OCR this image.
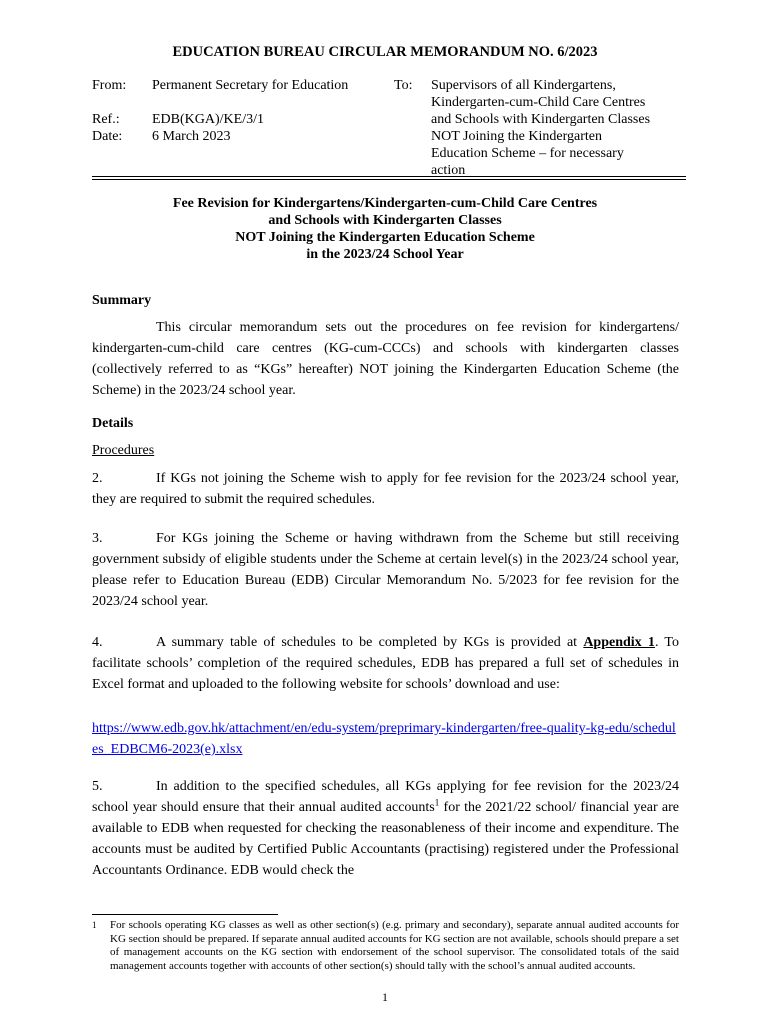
EDUCATION BUREAU CIRCULAR MEMORANDUM NO. 6/2023
From: Permanent Secretary for Education	To: Supervisors of all Kindergartens,
Kindergarten-cum-Child Care Centres
and Schools with Kindergarten Classes
NOT Joining the Kindergarten
Education Scheme – for necessary
action
Ref.: EDB(KGA)/KE/3/1
Date: 6 March 2023
Fee Revision for Kindergartens/Kindergarten-cum-Child Care Centres
and Schools with Kindergarten Classes
NOT Joining the Kindergarten Education Scheme
in the 2023/24 School Year
Summary
This circular memorandum sets out the procedures on fee revision for kindergartens/ kindergarten-cum-child care centres (KG-cum-CCCs) and schools with kindergarten classes (collectively referred to as “KGs” hereafter) NOT joining the Kindergarten Education Scheme (the Scheme) in the 2023/24 school year.
Details
Procedures
2.	If KGs not joining the Scheme wish to apply for fee revision for the 2023/24 school year, they are required to submit the required schedules.
3.	For KGs joining the Scheme or having withdrawn from the Scheme but still receiving government subsidy of eligible students under the Scheme at certain level(s) in the 2023/24 school year, please refer to Education Bureau (EDB) Circular Memorandum No. 5/2023 for fee revision for the 2023/24 school year.
4.	A summary table of schedules to be completed by KGs is provided at Appendix 1. To facilitate schools’ completion of the required schedules, EDB has prepared a full set of schedules in Excel format and uploaded to the following website for schools’ download and use:
https://www.edb.gov.hk/attachment/en/edu-system/preprimary-kindergarten/free-quality-kg-edu/schedules_EDBCM6-2023(e).xlsx
5.	In addition to the specified schedules, all KGs applying for fee revision for the 2023/24 school year should ensure that their annual audited accounts$^1$ for the 2021/22 school/ financial year are available to EDB when requested for checking the reasonableness of their income and expenditure. The accounts must be audited by Certified Public Accountants (practising) registered under the Professional Accountants Ordinance. EDB would check the
1 For schools operating KG classes as well as other section(s) (e.g. primary and secondary), separate annual audited accounts for KG section should be prepared. If separate annual audited accounts for KG section are not available, schools should prepare a set of management accounts on the KG section with endorsement of the school supervisor. The consolidated totals of the said management accounts together with accounts of other section(s) should tally with the school’s annual audited accounts.
1
